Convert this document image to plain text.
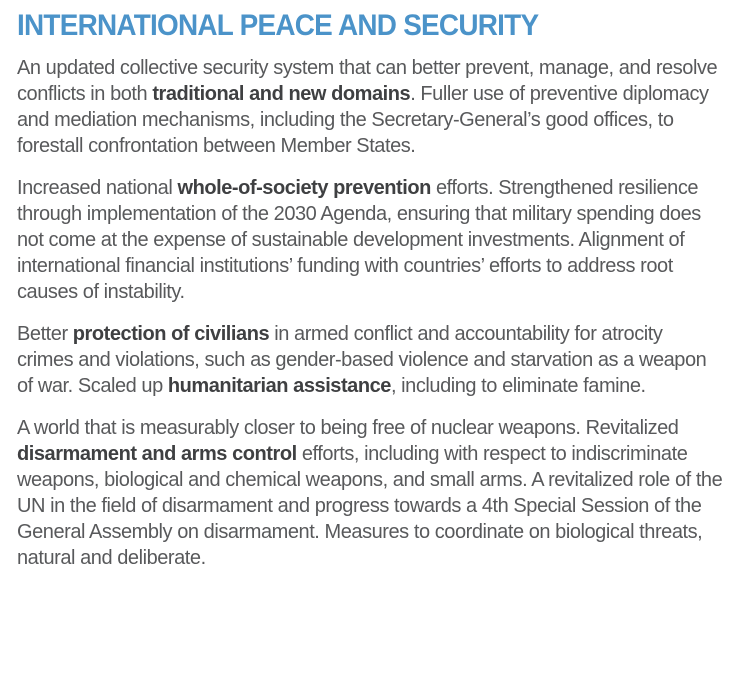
INTERNATIONAL PEACE AND SECURITY

An updated collective security system that can better prevent, manage, and resolve conflicts in both traditional and new domains. Fuller use of preventive diplomacy and mediation mechanisms, including the Secretary-General’s good offices, to forestall confrontation between Member States.

Increased national whole-of-society prevention efforts. Strengthened resilience through implementation of the 2030 Agenda, ensuring that military spending does not come at the expense of sustainable development investments. Alignment of international financial institutions’ funding with countries’ efforts to address root causes of instability.

Better protection of civilians in armed conflict and accountability for atrocity crimes and violations, such as gender-based violence and starvation as a weapon of war. Scaled up humanitarian assistance, including to eliminate famine.

A world that is measurably closer to being free of nuclear weapons. Revitalized disarmament and arms control efforts, including with respect to indiscriminate weapons, biological and chemical weapons, and small arms. A revitalized role of the UN in the field of disarmament and progress towards a 4th Special Session of the General Assembly on disarmament. Measures to coordinate on biological threats, natural and deliberate.
